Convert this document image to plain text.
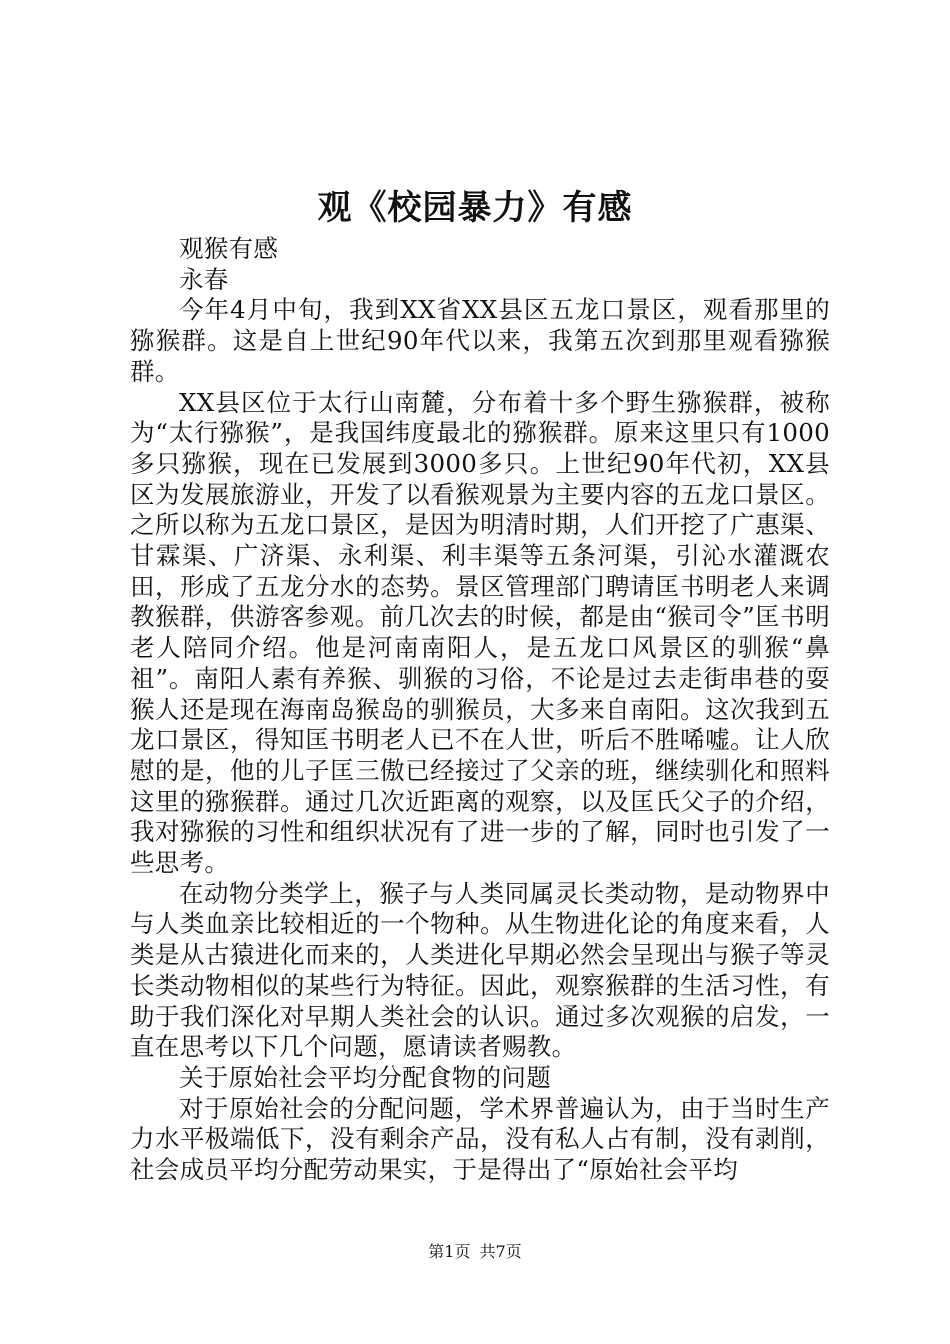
观《校园暴力》有感

观猴有感

永春

今年4月中旬，我到XX省XX县区五龙口景区，观看那里的猕猴群。这是自上世纪90年代以来，我第五次到那里观看猕猴群。

XX县区位于太行山南麓，分布着十多个野生猕猴群，被称为“太行猕猴”，是我国纬度最北的猕猴群。原来这里只有1000多只猕猴，现在已发展到3000多只。上世纪90年代初，XX县区为发展旅游业，开发了以看猴观景为主要内容的五龙口景区。之所以称为五龙口景区，是因为明清时期，人们开挖了广惠渠、甘霖渠、广济渠、永利渠、利丰渠等五条河渠，引沁水灌溉农田，形成了五龙分水的态势。景区管理部门聘请匡书明老人来调教猴群，供游客参观。前几次去的时候，都是由“猴司令”匡书明老人陪同介绍。他是河南南阳人，是五龙口风景区的驯猴“鼻祖”。南阳人素有养猴、驯猴的习俗，不论是过去走街串巷的耍猴人还是现在海南岛猴岛的驯猴员，大多来自南阳。这次我到五龙口景区，得知匡书明老人已不在人世，听后不胜唏嘘。让人欣慰的是，他的儿子匡三傲已经接过了父亲的班，继续驯化和照料这里的猕猴群。通过几次近距离的观察，以及匡氏父子的介绍，我对猕猴的习性和组织状况有了进一步的了解，同时也引发了一些思考。

在动物分类学上，猴子与人类同属灵长类动物，是动物界中与人类血亲比较相近的一个物种。从生物进化论的角度来看，人类是从古猿进化而来的，人类进化早期必然会呈现出与猴子等灵长类动物相似的某些行为特征。因此，观察猴群的生活习性，有助于我们深化对早期人类社会的认识。通过多次观猴的启发，一直在思考以下几个问题，愿请读者赐教。

关于原始社会平均分配食物的问题

对于原始社会的分配问题，学术界普遍认为，由于当时生产力水平极端低下，没有剩余产品，没有私人占有制，没有剥削，社会成员平均分配劳动果实，于是得出了“原始社会平均

第1页 共7页
